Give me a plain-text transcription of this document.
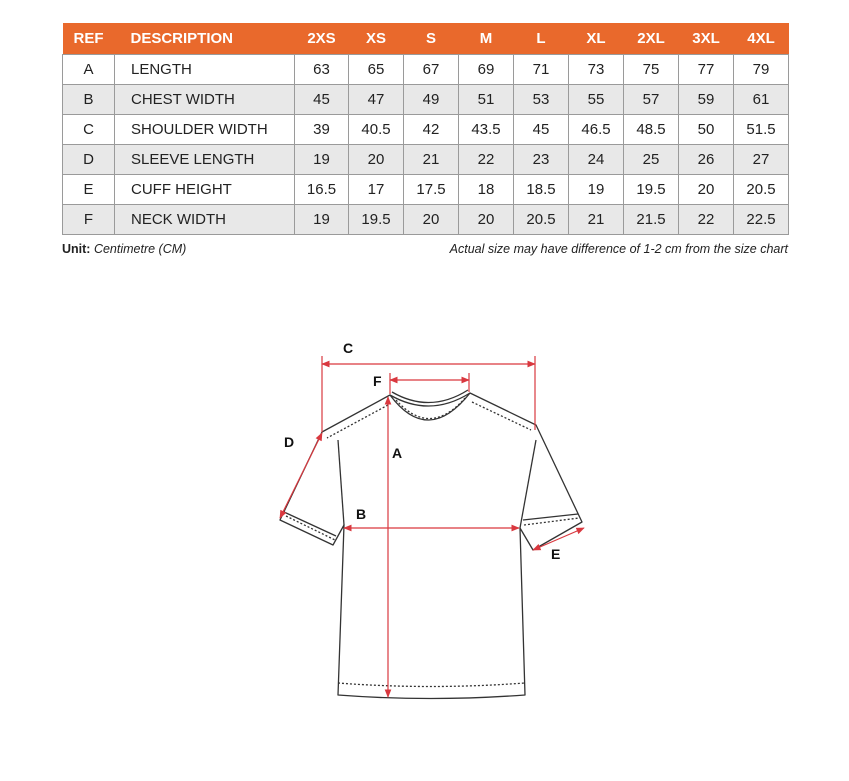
REF	DESCRIPTION	2XS	XS	S	M	L	XL	2XL	3XL	4XL
A	LENGTH	63	65	67	69	71	73	75	77	79
B	CHEST WIDTH	45	47	49	51	53	55	57	59	61
C	SHOULDER WIDTH	39	40.5	42	43.5	45	46.5	48.5	50	51.5
D	SLEEVE LENGTH	19	20	21	22	23	24	25	26	27
E	CUFF HEIGHT	16.5	17	17.5	18	18.5	19	19.5	20	20.5
F	NECK WIDTH	19	19.5	20	20	20.5	21	21.5	22	22.5
Unit: Centimetre (CM)	Actual size may have difference of 1-2 cm from the size chart
C
F
D
A
B
E
